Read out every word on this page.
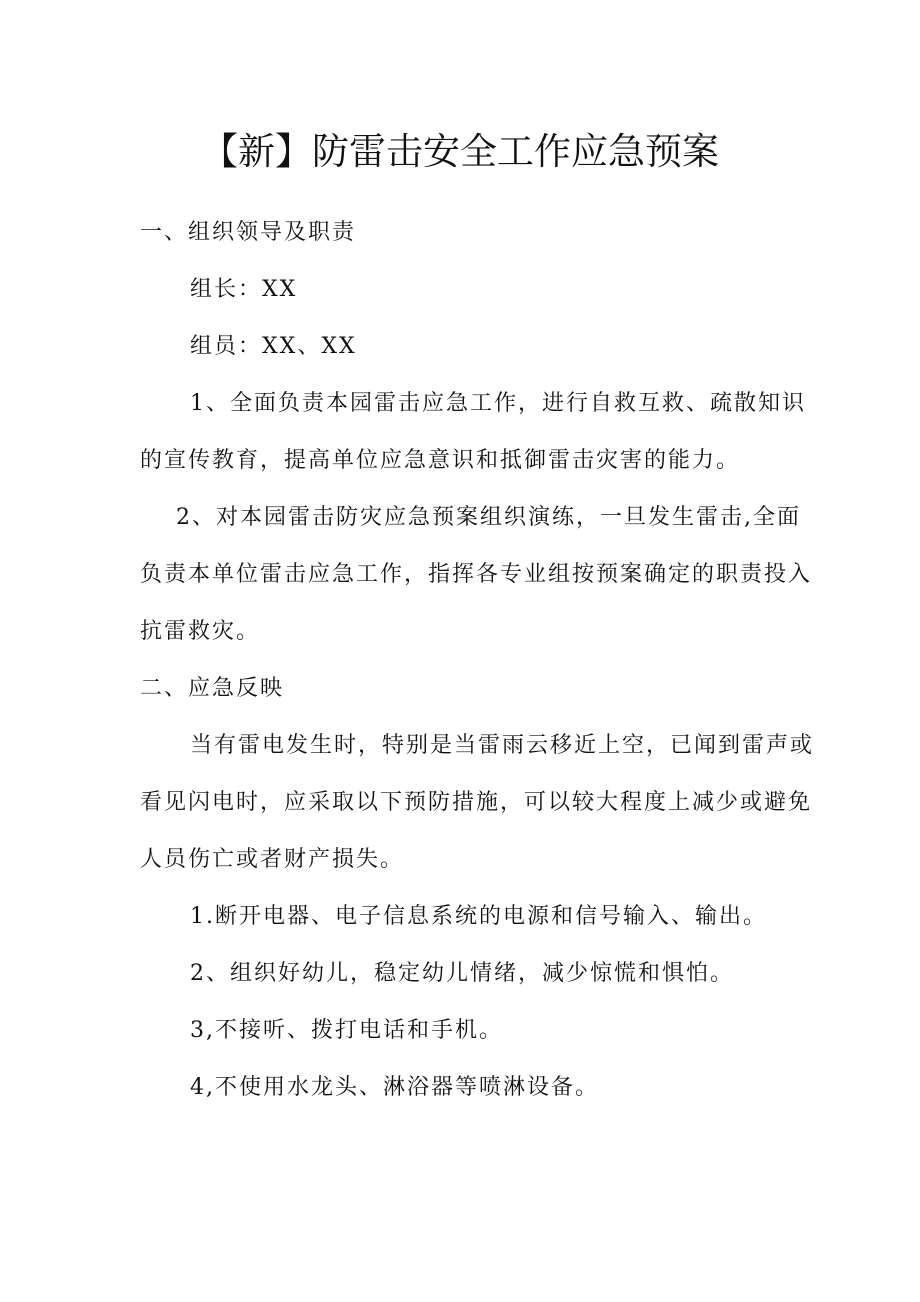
【新】防雷击安全工作应急预案

一、组织领导及职责

组长：XX

组员：XX、XX

1、全面负责本园雷击应急工作，进行自救互救、疏散知识

的宣传教育，提高单位应急意识和抵御雷击灾害的能力。

2、对本园雷击防灾应急预案组织演练，一旦发生雷击,全面

负责本单位雷击应急工作，指挥各专业组按预案确定的职责投入

抗雷救灾。

二、应急反映

当有雷电发生时，特别是当雷雨云移近上空，已闻到雷声或

看见闪电时，应采取以下预防措施，可以较大程度上减少或避免

人员伤亡或者财产损失。

1.断开电器、电子信息系统的电源和信号输入、输出。

2、组织好幼儿，稳定幼儿情绪，减少惊慌和惧怕。

3,不接听、拨打电话和手机。

4,不使用水龙头、淋浴器等喷淋设备。
